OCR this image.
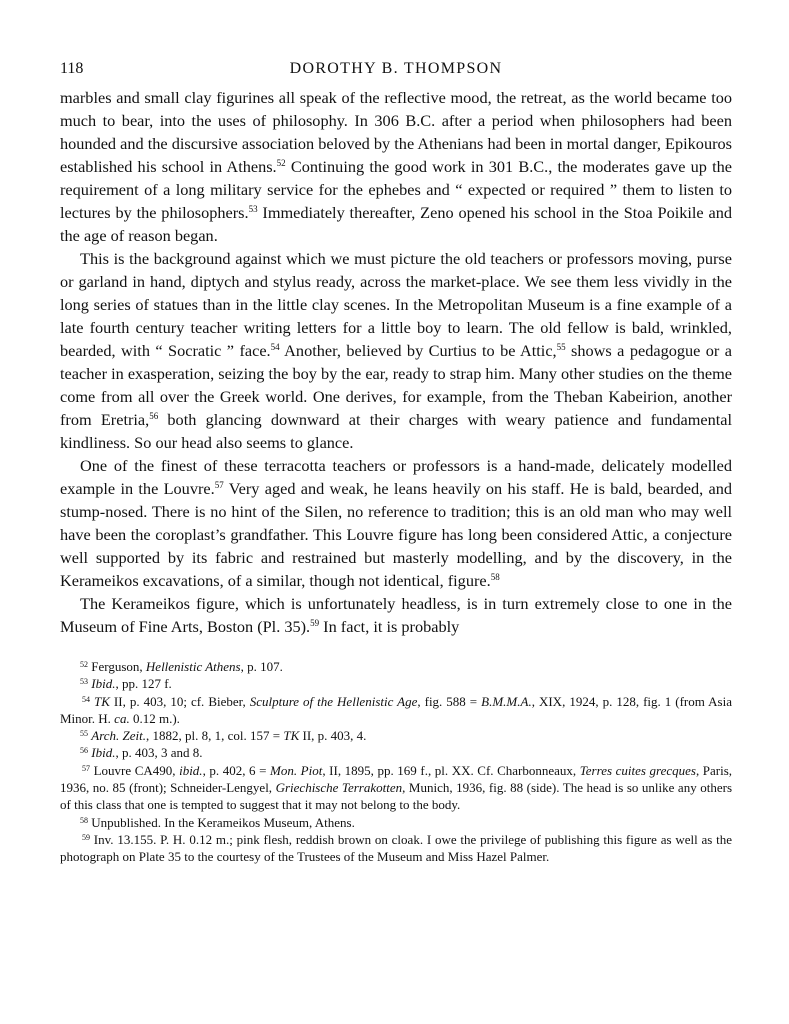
118	DOROTHY B. THOMPSON

marbles and small clay figurines all speak of the reflective mood, the retreat, as the world became too much to bear, into the uses of philosophy. In 306 B.C. after a period when philosophers had been hounded and the discursive association beloved by the Athenians had been in mortal danger, Epikouros established his school in Athens.$^{52}$ Continuing the good work in 301 B.C., the moderates gave up the requirement of a long military service for the ephebes and “ expected or required ” them to listen to lectures by the philosophers.$^{53}$ Immediately thereafter, Zeno opened his school in the Stoa Poikile and the age of reason began.

This is the background against which we must picture the old teachers or professors moving, purse or garland in hand, diptych and stylus ready, across the market-place. We see them less vividly in the long series of statues than in the little clay scenes. In the Metropolitan Museum is a fine example of a late fourth century teacher writing letters for a little boy to learn. The old fellow is bald, wrinkled, bearded, with “ Socratic ” face.$^{54}$ Another, believed by Curtius to be Attic,$^{55}$ shows a pedagogue or a teacher in exasperation, seizing the boy by the ear, ready to strap him. Many other studies on the theme come from all over the Greek world. One derives, for example, from the Theban Kabeirion, another from Eretria,$^{56}$ both glancing downward at their charges with weary patience and fundamental kindliness. So our head also seems to glance.

One of the finest of these terracotta teachers or professors is a hand-made, delicately modelled example in the Louvre.$^{57}$ Very aged and weak, he leans heavily on his staff. He is bald, bearded, and stump-nosed. There is no hint of the Silen, no reference to tradition; this is an old man who may well have been the coroplast’s grandfather. This Louvre figure has long been considered Attic, a conjecture well supported by its fabric and restrained but masterly modelling, and by the discovery, in the Kerameikos excavations, of a similar, though not identical, figure.$^{58}$

The Kerameikos figure, which is unfortunately headless, is in turn extremely close to one in the Museum of Fine Arts, Boston (Pl. 35).$^{59}$ In fact, it is probably

$^{52}$ Ferguson, Hellenistic Athens, p. 107.
$^{53}$ Ibid., pp. 127 f.
$^{54}$ TK II, p. 403, 10; cf. Bieber, Sculpture of the Hellenistic Age, fig. 588 = B.M.M.A., XIX, 1924, p. 128, fig. 1 (from Asia Minor. H. ca. 0.12 m.).
$^{55}$ Arch. Zeit., 1882, pl. 8, 1, col. 157 = TK II, p. 403, 4.
$^{56}$ Ibid., p. 403, 3 and 8.
$^{57}$ Louvre CA490, ibid., p. 402, 6 = Mon. Piot, II, 1895, pp. 169 f., pl. XX. Cf. Charbonneaux, Terres cuites grecques, Paris, 1936, no. 85 (front); Schneider-Lengyel, Griechische Terrakotten, Munich, 1936, fig. 88 (side). The head is so unlike any others of this class that one is tempted to suggest that it may not belong to the body.
$^{58}$ Unpublished. In the Kerameikos Museum, Athens.
$^{59}$ Inv. 13.155. P. H. 0.12 m.; pink flesh, reddish brown on cloak. I owe the privilege of publishing this figure as well as the photograph on Plate 35 to the courtesy of the Trustees of the Museum and Miss Hazel Palmer.
